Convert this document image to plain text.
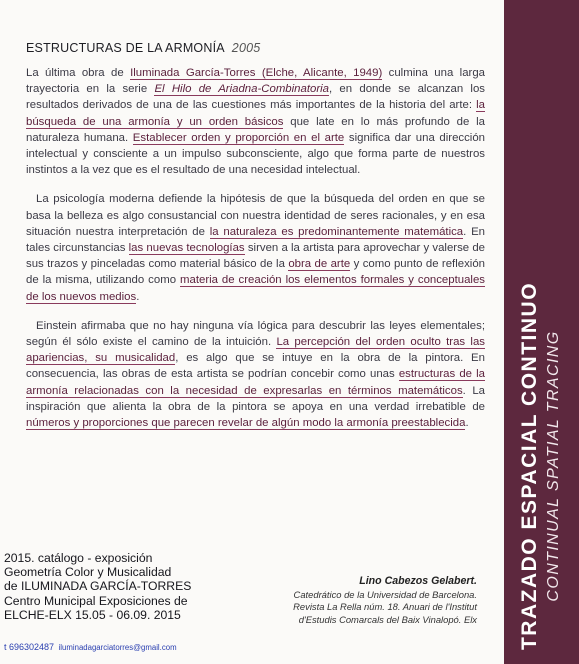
ESTRUCTURAS DE LA ARMONÍA 2005

La última obra de Iluminada García-Torres (Elche, Alicante, 1949) culmina una larga trayectoria en la serie El Hilo de Ariadna-Combinatoria, en donde se alcanzan los resultados derivados de una de las cuestiones más importantes de la historia del arte: la búsqueda de una armonía y un orden básicos que late en lo más profundo de la naturaleza humana. Establecer orden y proporción en el arte significa dar una dirección intelectual y consciente a un impulso subconsciente, algo que forma parte de nuestros instintos a la vez que es el resultado de una necesidad intelectual.

La psicología moderna defiende la hipótesis de que la búsqueda del orden en que se basa la belleza es algo consustancial con nuestra identidad de seres racionales, y en esa situación nuestra interpretación de la naturaleza es predominantemente matemática. En tales circunstancias las nuevas tecnologías sirven a la artista para aprovechar y valerse de sus trazos y pinceladas como material básico de la obra de arte y como punto de reflexión de la misma, utilizando como materia de creación los elementos formales y conceptuales de los nuevos medios.

Einstein afirmaba que no hay ninguna vía lógica para descubrir las leyes elementales; según él sólo existe el camino de la intuición. La percepción del orden oculto tras las apariencias, su musicalidad, es algo que se intuye en la obra de la pintora. En consecuencia, las obras de esta artista se podrían concebir como unas estructuras de la armonía relacionadas con la necesidad de expresarlas en términos matemáticos. La inspiración que alienta la obra de la pintora se apoya en una verdad irrebatible de números y proporciones que parecen revelar de algún modo la armonía preestablecida.

2015. catálogo - exposición
Geometría Color y Musicalidad
de ILUMINADA GARCÍA-TORRES
Centro Municipal Exposiciones de
ELCHE-ELX 15.05 - 06.09. 2015
t 696302487 iluminadagarciatorres@gmail.com
Lino Cabezos Gelabert.
Catedrático de la Universidad de Barcelona.
Revista La Rella núm. 18. Anuari de l'Institut
d'Estudis Comarcals del Baix Vinalopó. Elx TRAZADO ESPACIAL CONTINUO CONTINUAL SPATIAL TRACING
